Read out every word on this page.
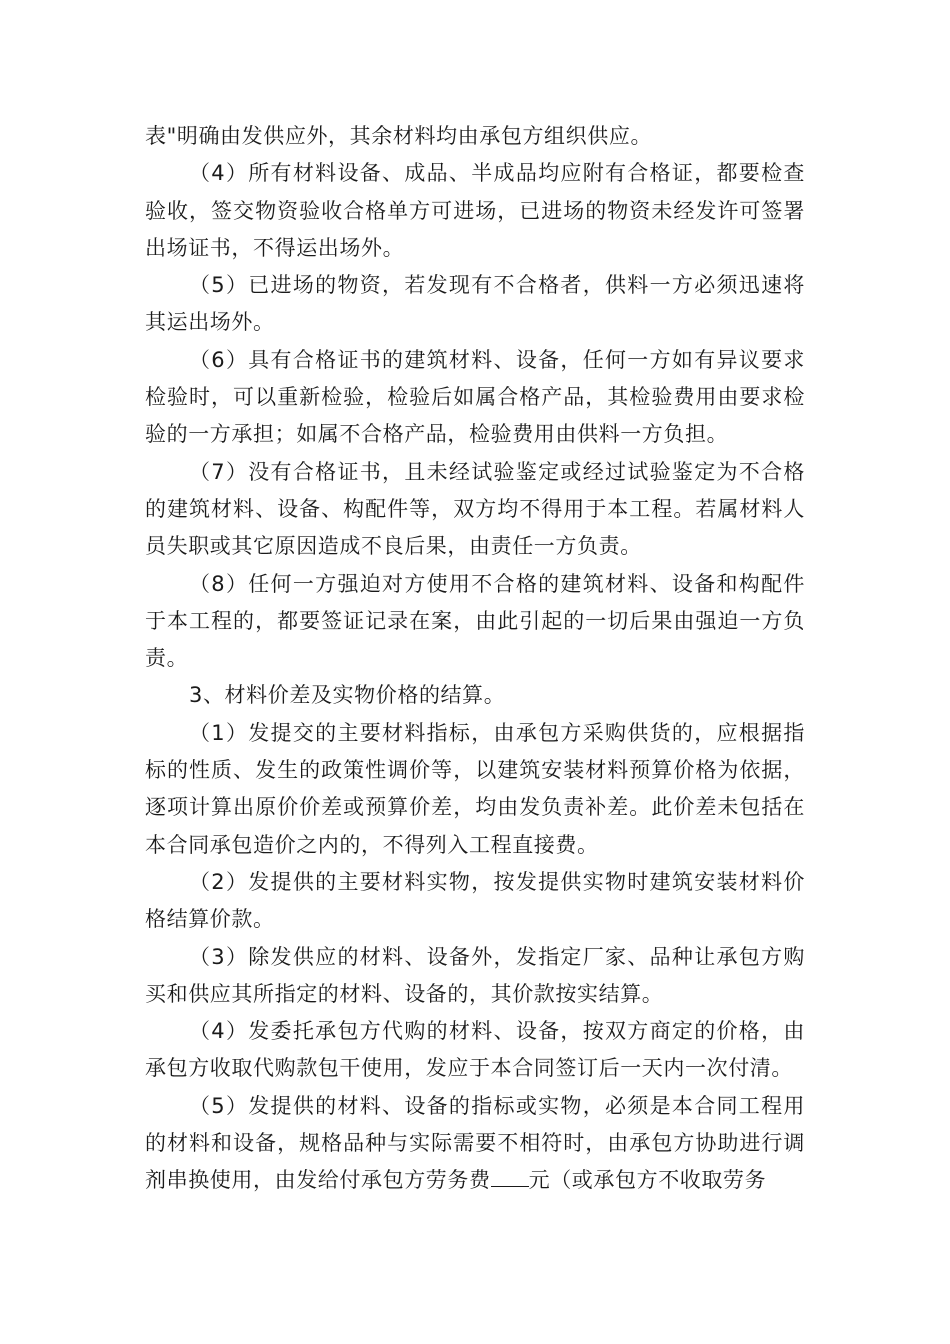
表"明确由发供应外，其余材料均由承包方组织供应。

（4）所有材料设备、成品、半成品均应附有合格证，都要检查验收，签交物资验收合格单方可进场，已进场的物资未经发许可签署出场证书，不得运出场外。

（5）已进场的物资，若发现有不合格者，供料一方必须迅速将其运出场外。

（6）具有合格证书的建筑材料、设备，任何一方如有异议要求检验时，可以重新检验，检验后如属合格产品，其检验费用由要求检验的一方承担；如属不合格产品，检验费用由供料一方负担。

（7）没有合格证书，且未经试验鉴定或经过试验鉴定为不合格的建筑材料、设备、构配件等，双方均不得用于本工程。若属材料人员失职或其它原因造成不良后果，由责任一方负责。

（8）任何一方强迫对方使用不合格的建筑材料、设备和构配件于本工程的，都要签证记录在案，由此引起的一切后果由强迫一方负责。

3、材料价差及实物价格的结算。

（1）发提交的主要材料指标，由承包方采购供货的，应根据指标的性质、发生的政策性调价等，以建筑安装材料预算价格为依据，逐项计算出原价价差或预算价差，均由发负责补差。此价差未包括在本合同承包造价之内的，不得列入工程直接费。

（2）发提供的主要材料实物，按发提供实物时建筑安装材料价格结算价款。

（3）除发供应的材料、设备外，发指定厂家、品种让承包方购买和供应其所指定的材料、设备的，其价款按实结算。

（4）发委托承包方代购的材料、设备，按双方商定的价格，由承包方收取代购款包干使用，发应于本合同签订后一天内一次付清。

（5）发提供的材料、设备的指标或实物，必须是本合同工程用的材料和设备，规格品种与实际需要不相符时，由承包方协助进行调剂串换使用，由发给付承包方劳务费 元（或承包方不收取劳务
